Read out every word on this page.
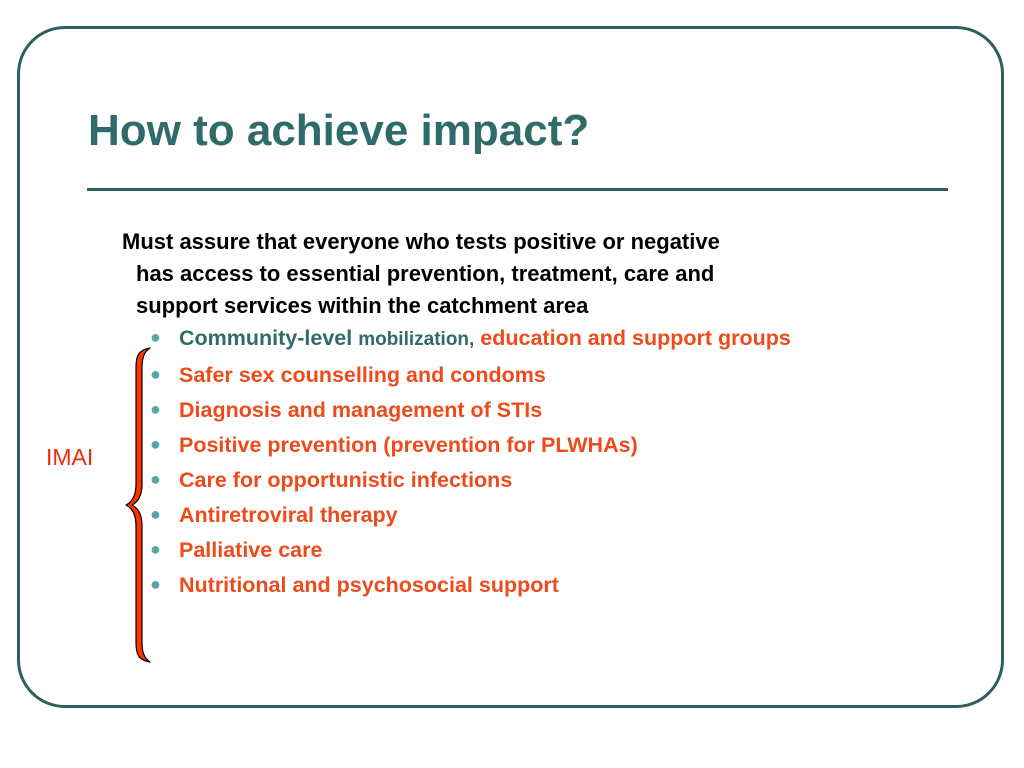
How to achieve impact?

Must assure that everyone who tests positive or negative
has access to essential prevention, treatment, care and
support services within the catchment area

IMAI

● Community-level mobilization, education and support groups
● Safer sex counselling and condoms
● Diagnosis and management of STIs
● Positive prevention (prevention for PLWHAs)
● Care for opportunistic infections
● Antiretroviral therapy
● Palliative care
● Nutritional and psychosocial support
